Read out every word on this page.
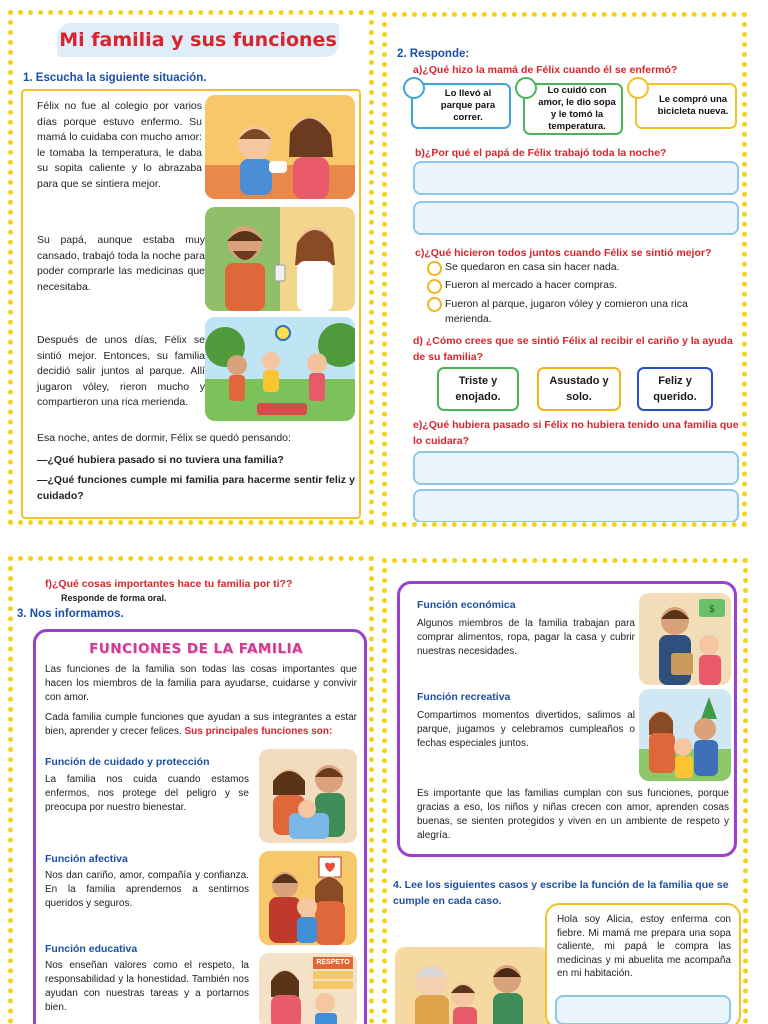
Mi familia y sus funciones
1. Escucha la siguiente situación.
Félix no fue al colegio por varios días porque estuvo enfermo. Su mamá lo cuidaba con mucho amor: le tomaba la temperatura, le daba su sopita caliente y lo abrazaba para que se sintiera mejor.
Su papá, aunque estaba muy cansado, trabajó toda la noche para poder comprarle las medicinas que necesitaba.
Después de unos días, Félix se sintió mejor. Entonces, su familia decidió salir juntos al parque. Allí jugaron vóley, rieron mucho y compartieron una rica merienda.
Esa noche, antes de dormir, Félix se quedó pensando:
—¿Qué hubiera pasado si no tuviera una familia?
—¿Qué funciones cumple mi familia para hacerme sentir feliz y cuidado?
2. Responde:
a)¿Qué hizo la mamá de Félix cuando él se enfermó?
Lo llevó al parque para correr.
Lo cuidó con amor, le dio sopa y le tomó la temperatura.
Le compró una bicicleta nueva.
b)¿Por qué el papá de Félix trabajó toda la noche?
c)¿Qué hicieron todos juntos cuando Félix se sintió mejor?
Se quedaron en casa sin hacer nada.
Fueron al mercado a hacer compras.
Fueron al parque, jugaron vóley y comieron una rica merienda.
d) ¿Cómo crees que se sintió Félix al recibir el cariño y la ayuda de su familia?
Triste y enojado.
Asustado y solo.
Feliz y querido.
e)¿Qué hubiera pasado si Félix no hubiera tenido una familia que lo cuidara?
f)¿Qué cosas importantes hace tu familia por ti??
Responde de forma oral.
3. Nos informamos.
FUNCIONES DE LA FAMILIA
Las funciones de la familia son todas las cosas importantes que hacen los miembros de la familia para ayudarse, cuidarse y convivir con amor.
Cada familia cumple funciones que ayudan a sus integrantes a estar bien, aprender y crecer felices. Sus principales funciones son:
Función de cuidado y protección
La familia nos cuida cuando estamos enfermos, nos protege del peligro y se preocupa por nuestro bienestar.
Función afectiva
Nos dan cariño, amor, compañía y confianza. En la familia aprendemos a sentirnos queridos y seguros.
Función educativa
Nos enseñan valores como el respeto, la responsabilidad y la honestidad. También nos ayudan con nuestras tareas y a portarnos bien.
RESPETO
Función económica
Algunos miembros de la familia trabajan para comprar alimentos, ropa, pagar la casa y cubrir nuestras necesidades.
$
Función recreativa
Compartimos momentos divertidos, salimos al parque, jugamos y celebramos cumpleaños o fechas especiales juntos.
Es importante que las familias cumplan con sus funciones, porque gracias a eso, los niños y niñas crecen con amor, aprenden cosas buenas, se sienten protegidos y viven en un ambiente de respeto y alegría.
4. Lee los siguientes casos y escribe la función de la familia que se cumple en cada caso.
Hola soy Alicia, estoy enferma con fiebre. Mi mamá me prepara una sopa caliente, mi papá le compra las medicinas y mi abuelita me acompaña en mi habitación.
